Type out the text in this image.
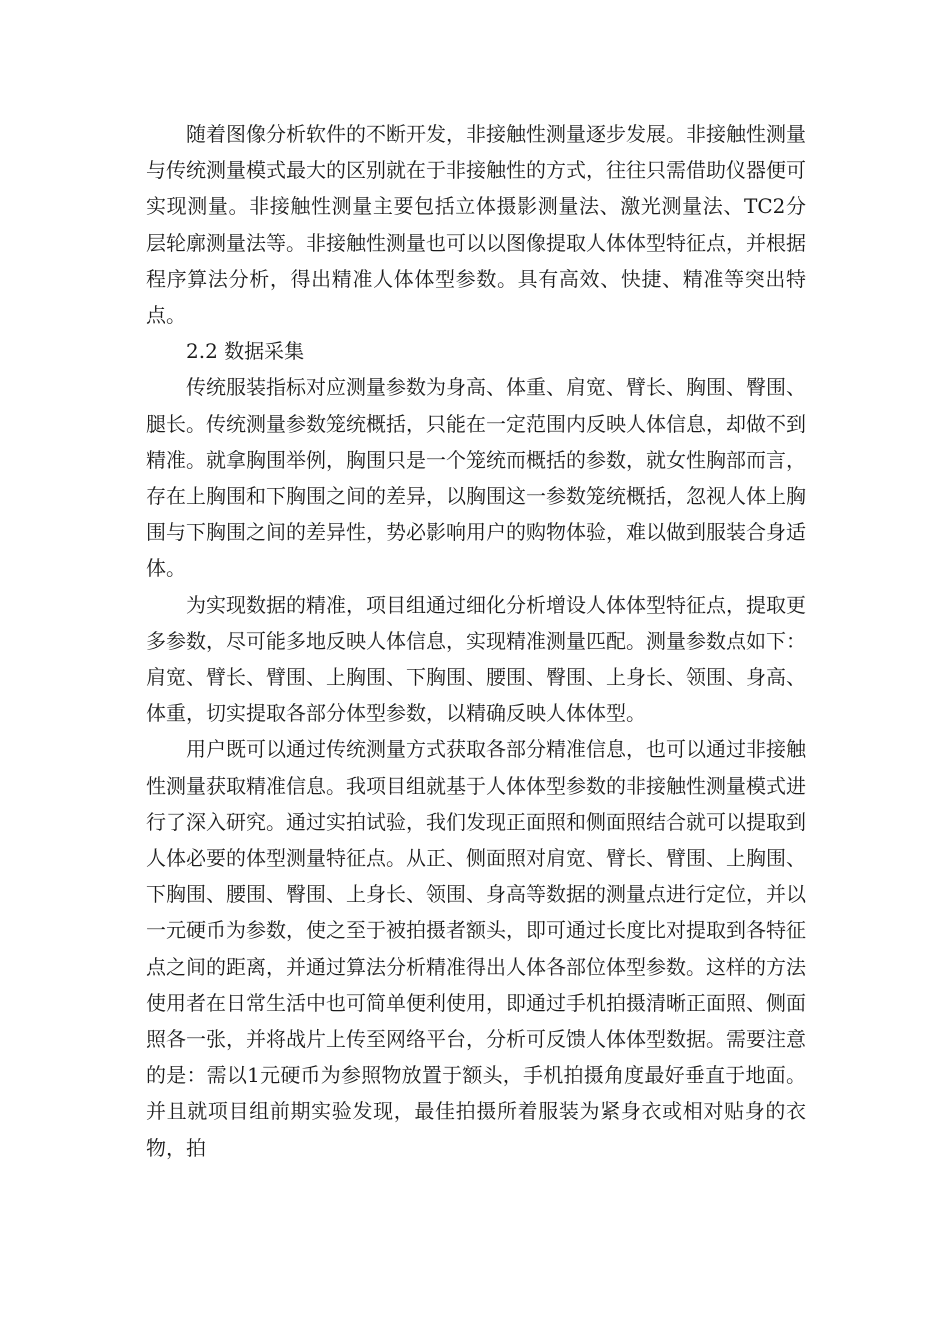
随着图像分析软件的不断开发，非接触性测量逐步发展。非接触性测量与传统测量模式最大的区别就在于非接触性的方式，往往只需借助仪器便可实现测量。非接触性测量主要包括立体摄影测量法、激光测量法、TC2分层轮廓测量法等。非接触性测量也可以以图像提取人体体型特征点，并根据程序算法分析，得出精准人体体型参数。具有高效、快捷、精准等突出特点。

2.2 数据采集

传统服装指标对应测量参数为身高、体重、肩宽、臂长、胸围、臀围、腿长。传统测量参数笼统概括，只能在一定范围内反映人体信息，却做不到精准。就拿胸围举例，胸围只是一个笼统而概括的参数，就女性胸部而言，存在上胸围和下胸围之间的差异，以胸围这一参数笼统概括，忽视人体上胸围与下胸围之间的差异性，势必影响用户的购物体验，难以做到服装合身适体。

为实现数据的精准，项目组通过细化分析增设人体体型特征点，提取更多参数，尽可能多地反映人体信息，实现精准测量匹配。测量参数点如下：肩宽、臂长、臂围、上胸围、下胸围、腰围、臀围、上身长、领围、身高、体重，切实提取各部分体型参数，以精确反映人体体型。

用户既可以通过传统测量方式获取各部分精准信息，也可以通过非接触性测量获取精准信息。我项目组就基于人体体型参数的非接触性测量模式进行了深入研究。通过实拍试验，我们发现正面照和侧面照结合就可以提取到人体必要的体型测量特征点。从正、侧面照对肩宽、臂长、臂围、上胸围、下胸围、腰围、臀围、上身长、领围、身高等数据的测量点进行定位，并以一元硬币为参数，使之至于被拍摄者额头，即可通过长度比对提取到各特征点之间的距离，并通过算法分析精准得出人体各部位体型参数。这样的方法使用者在日常生活中也可简单便利使用，即通过手机拍摄清晰正面照、侧面照各一张，并将战片上传至网络平台，分析可反馈人体体型数据。需要注意的是：需以1元硬币为参照物放置于额头，手机拍摄角度最好垂直于地面。并且就项目组前期实验发现，最佳拍摄所着服装为紧身衣或相对贴身的衣物，拍
